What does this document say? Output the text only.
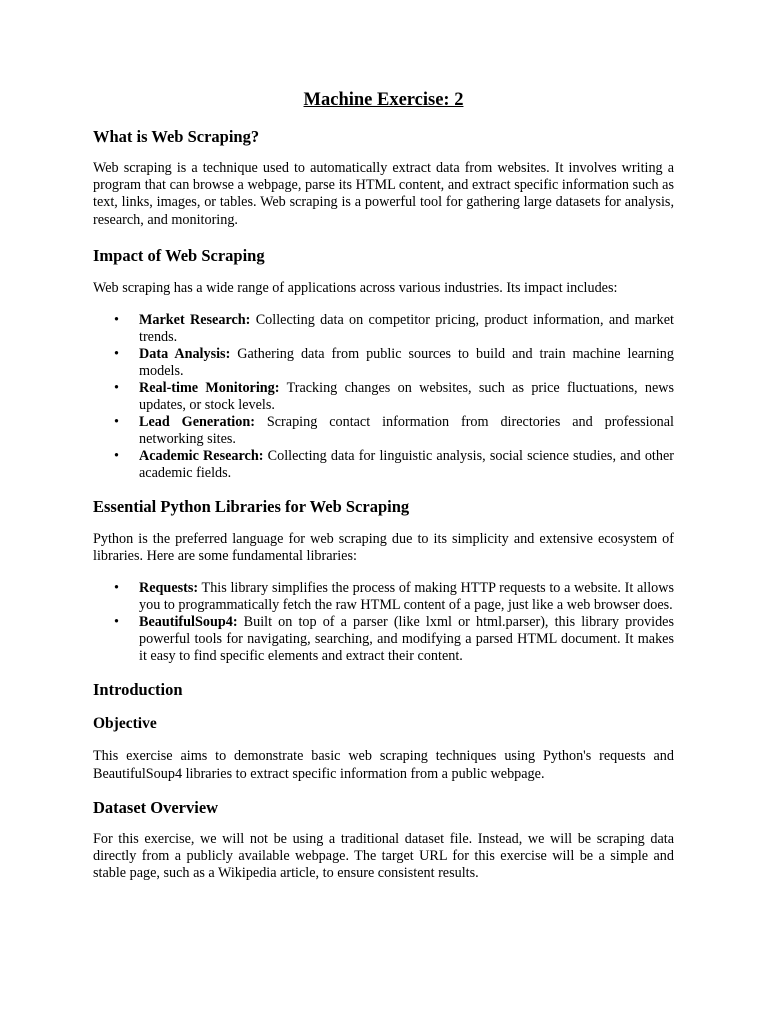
Machine Exercise: 2
What is Web Scraping?

Web scraping is a technique used to automatically extract data from websites. It involves writing a program that can browse a webpage, parse its HTML content, and extract specific information such as text, links, images, or tables. Web scraping is a powerful tool for gathering large datasets for analysis, research, and monitoring.

Impact of Web Scraping

Web scraping has a wide range of applications across various industries. Its impact includes:

• Market Research: Collecting data on competitor pricing, product information, and market trends.
• Data Analysis: Gathering data from public sources to build and train machine learning models.
• Real-time Monitoring: Tracking changes on websites, such as price fluctuations, news updates, or stock levels.
• Lead Generation: Scraping contact information from directories and professional networking sites.
• Academic Research: Collecting data for linguistic analysis, social science studies, and other academic fields.
Essential Python Libraries for Web Scraping

Python is the preferred language for web scraping due to its simplicity and extensive ecosystem of libraries. Here are some fundamental libraries:

• Requests: This library simplifies the process of making HTTP requests to a website. It allows you to programmatically fetch the raw HTML content of a page, just like a web browser does.
• BeautifulSoup4: Built on top of a parser (like lxml or html.parser), this library provides powerful tools for navigating, searching, and modifying a parsed HTML document. It makes it easy to find specific elements and extract their content.
Introduction
Objective

This exercise aims to demonstrate basic web scraping techniques using Python's requests and BeautifulSoup4 libraries to extract specific information from a public webpage.

Dataset Overview

For this exercise, we will not be using a traditional dataset file. Instead, we will be scraping data directly from a publicly available webpage. The target URL for this exercise will be a simple and stable page, such as a Wikipedia article, to ensure consistent results.
